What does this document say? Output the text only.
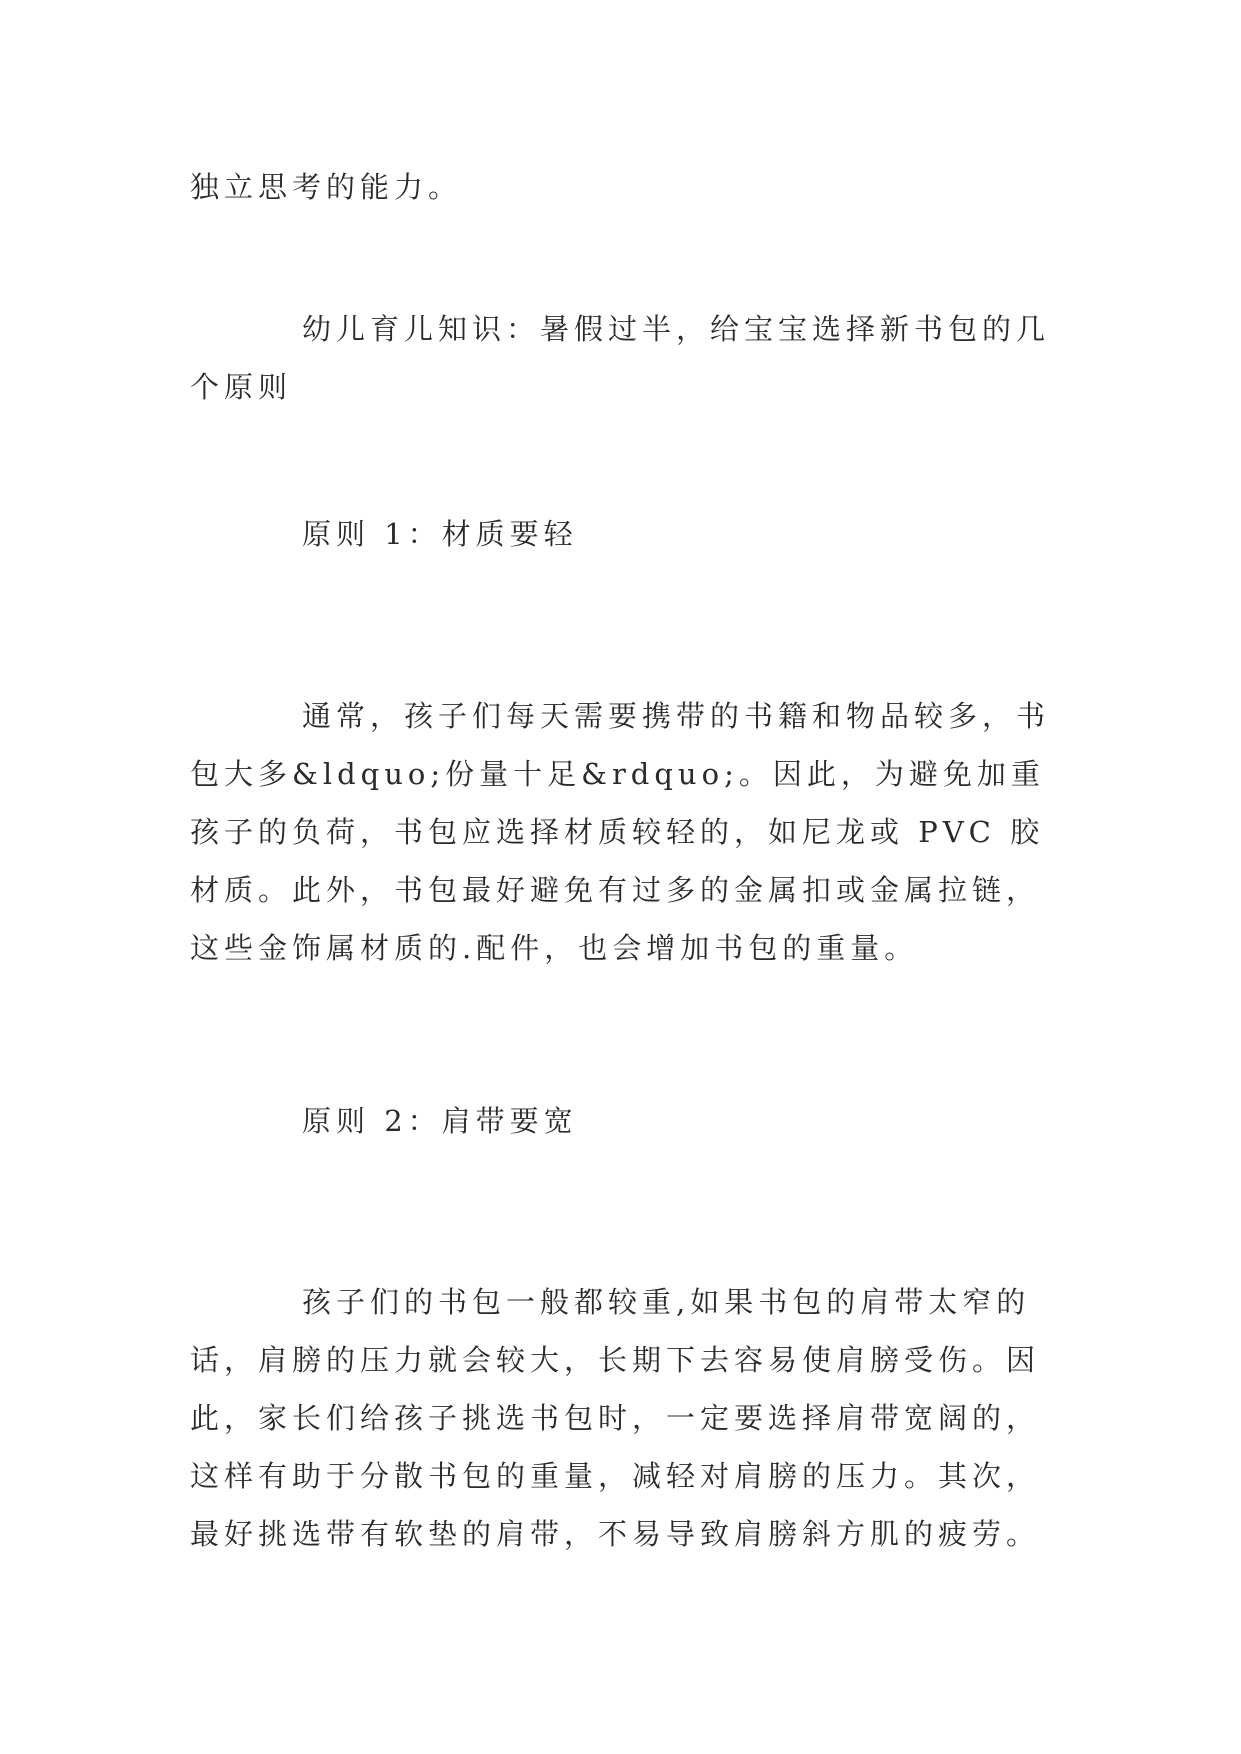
独立思考的能力。
幼儿育儿知识：暑假过半，给宝宝选择新书包的几个原则
原则 1：材质要轻
通常，孩子们每天需要携带的书籍和物品较多，书包大多&ldquo;份量十足&rdquo;。因此，为避免加重孩子的负荷，书包应选择材质较轻的，如尼龙或 PVC 胶材质。此外，书包最好避免有过多的金属扣或金属拉链，这些金饰属材质的.配件，也会增加书包的重量。
原则 2：肩带要宽
孩子们的书包一般都较重,如果书包的肩带太窄的话，肩膀的压力就会较大，长期下去容易使肩膀受伤。因此，家长们给孩子挑选书包时，一定要选择肩带宽阔的，这样有助于分散书包的重量，减轻对肩膀的压力。其次，最好挑选带有软垫的肩带，不易导致肩膀斜方肌的疲劳。
